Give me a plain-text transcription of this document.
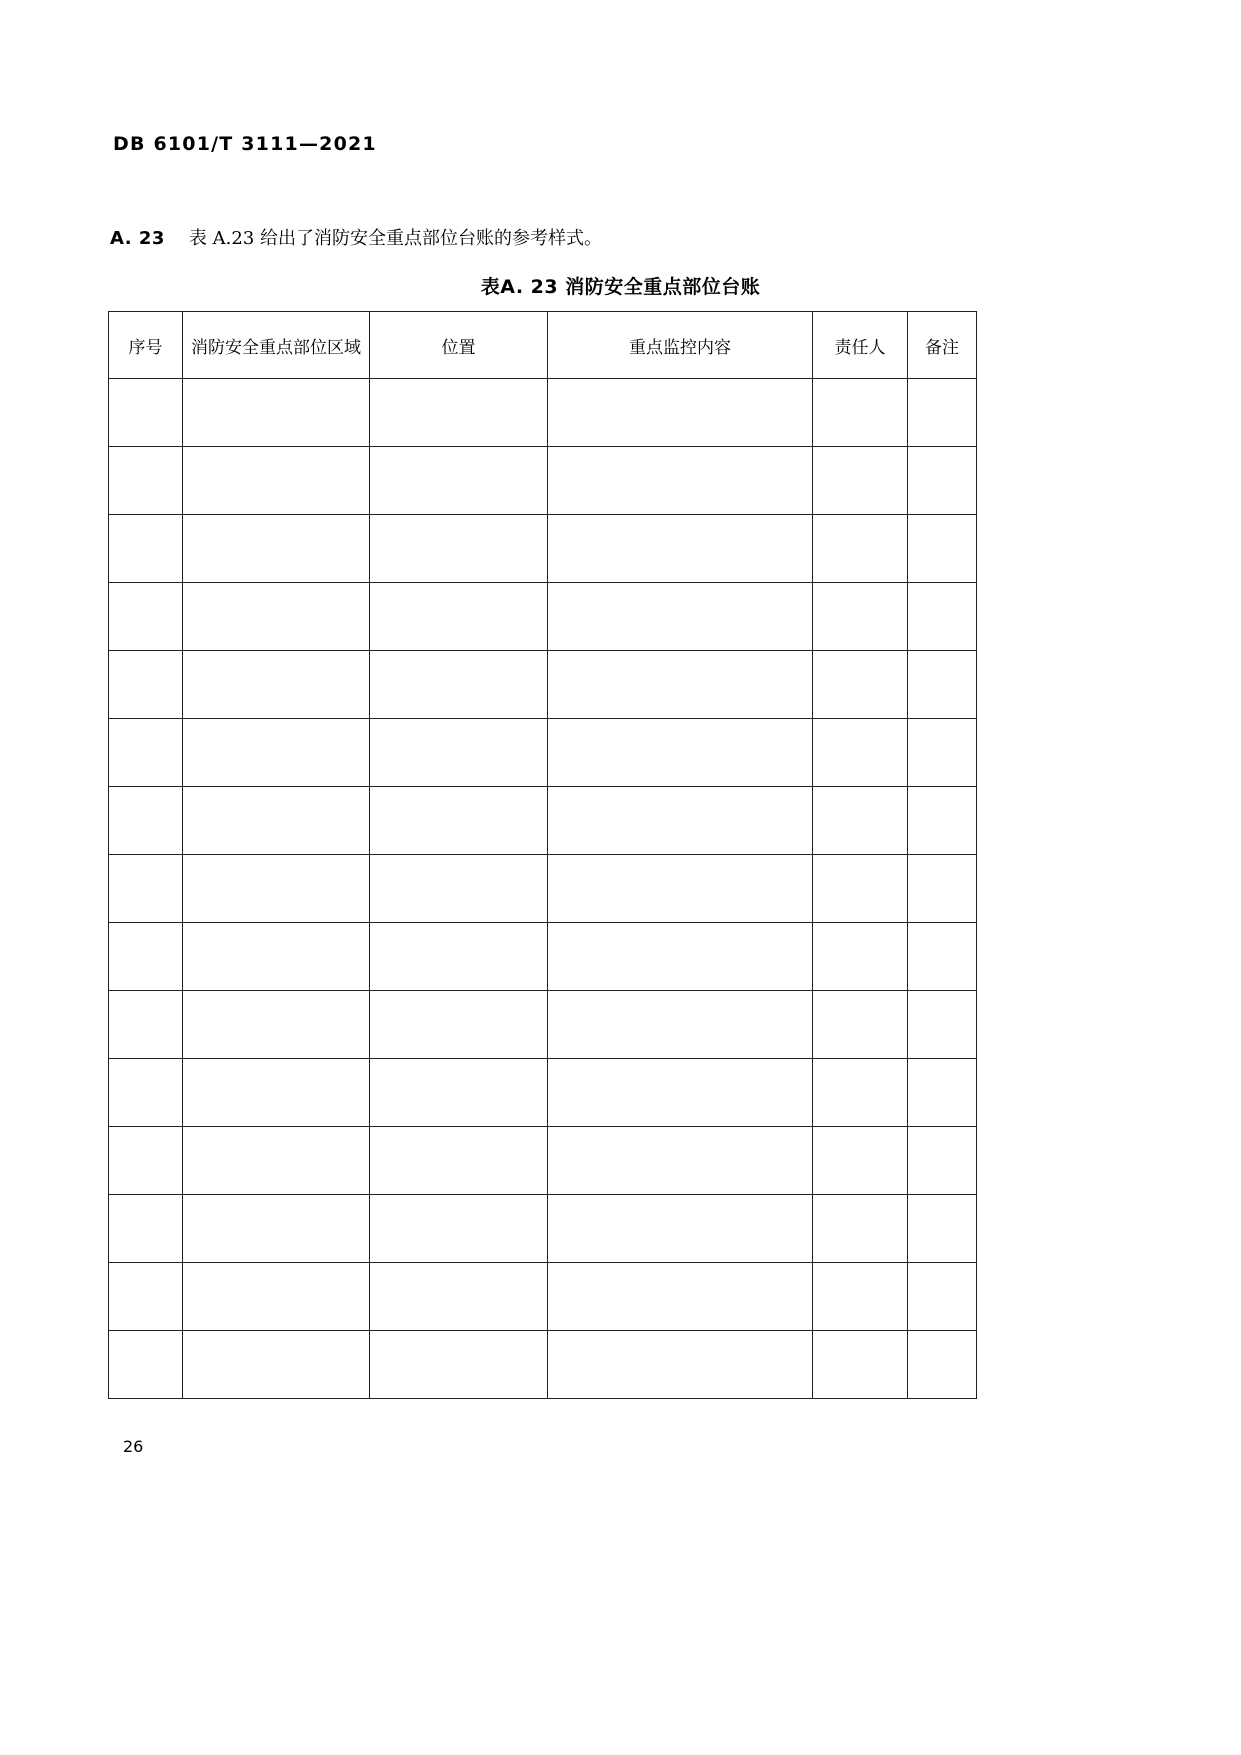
DB 6101/T 3111—2021
A. 23 表 A.23 给出了消防安全重点部位台账的参考样式。
表A. 23 消防安全重点部位台账
序号	消防安全重点部位区域	位置	重点监控内容	责任人	备注

26
